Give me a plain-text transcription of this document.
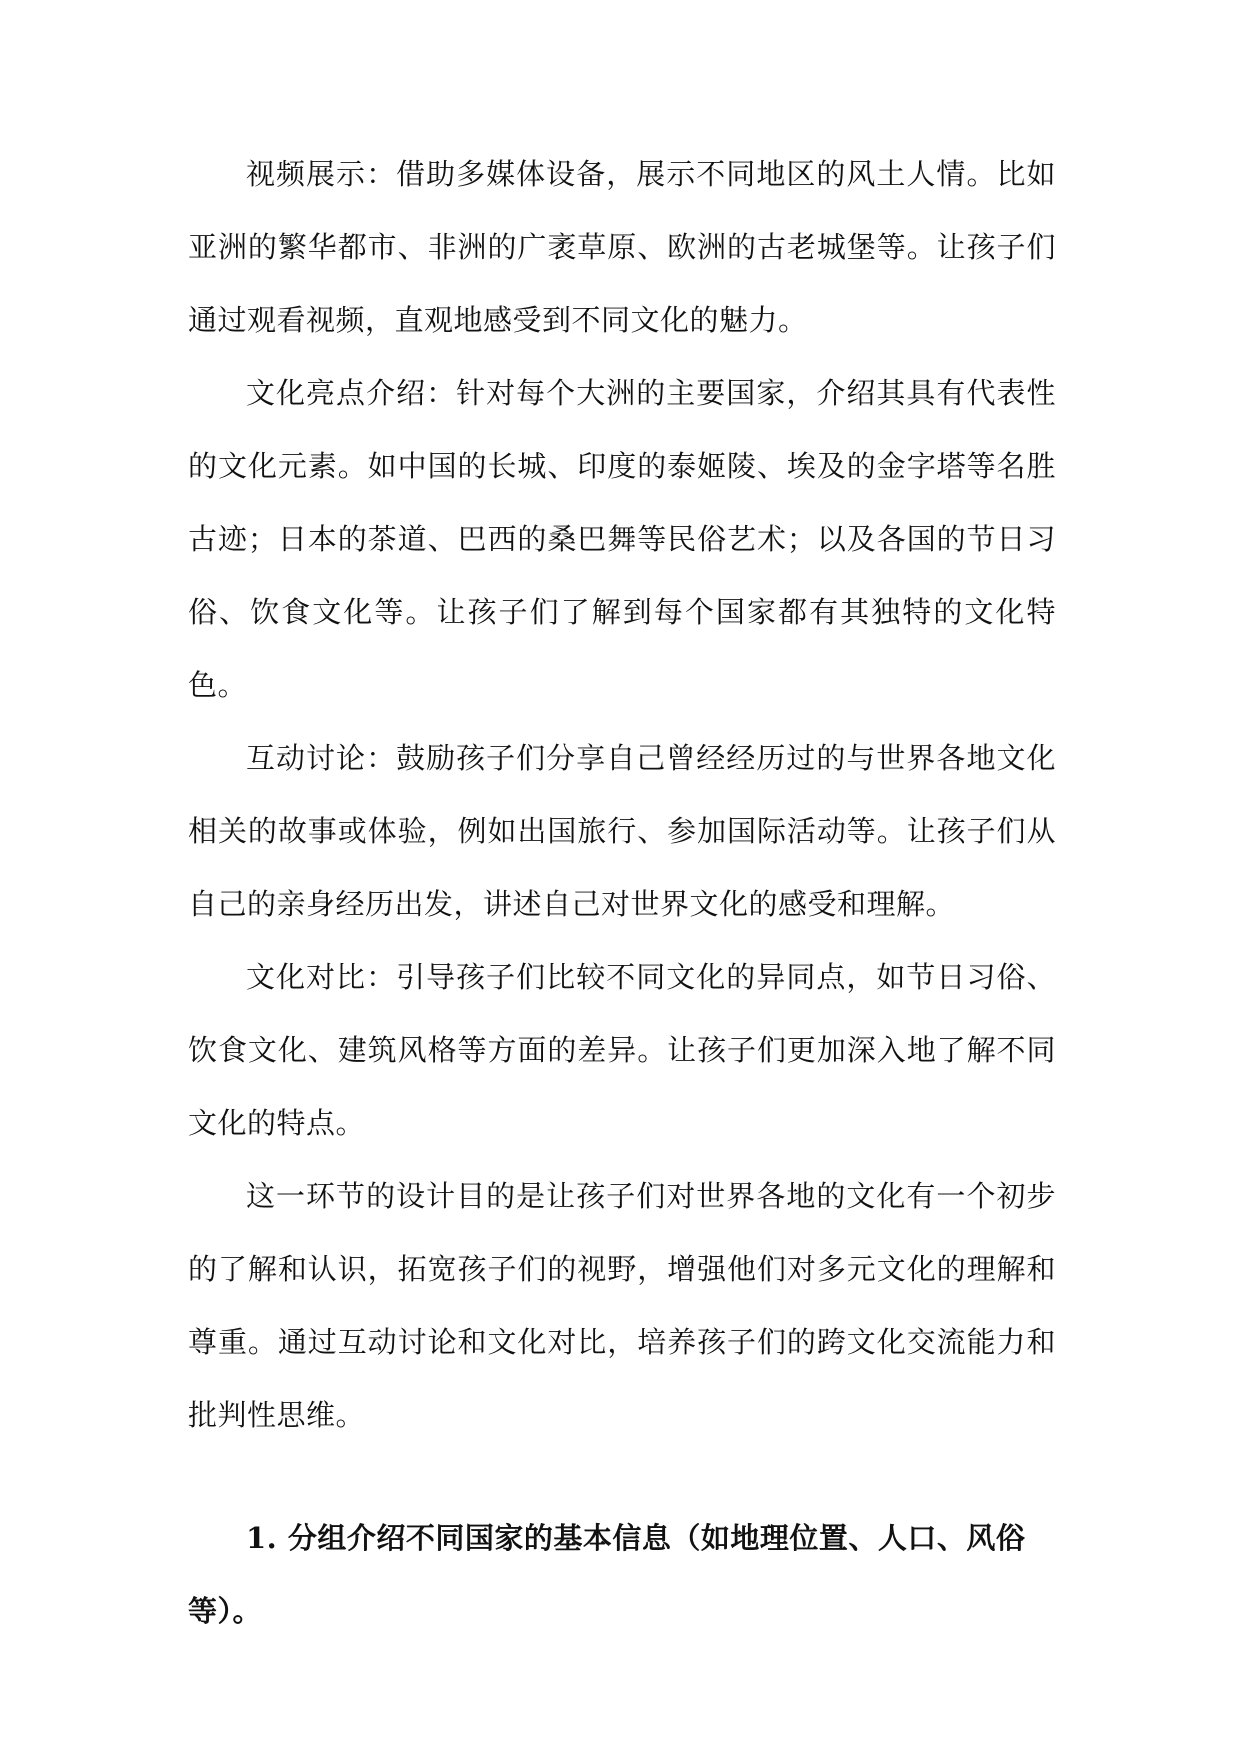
视频展示：借助多媒体设备，展示不同地区的风土人情。比如亚洲的繁华都市、非洲的广袤草原、欧洲的古老城堡等。让孩子们通过观看视频，直观地感受到不同文化的魅力。

文化亮点介绍：针对每个大洲的主要国家，介绍其具有代表性的文化元素。如中国的长城、印度的泰姬陵、埃及的金字塔等名胜古迹；日本的茶道、巴西的桑巴舞等民俗艺术；以及各国的节日习俗、饮食文化等。让孩子们了解到每个国家都有其独特的文化特色。

互动讨论：鼓励孩子们分享自己曾经经历过的与世界各地文化相关的故事或体验，例如出国旅行、参加国际活动等。让孩子们从自己的亲身经历出发，讲述自己对世界文化的感受和理解。

文化对比：引导孩子们比较不同文化的异同点，如节日习俗、饮食文化、建筑风格等方面的差异。让孩子们更加深入地了解不同文化的特点。

这一环节的设计目的是让孩子们对世界各地的文化有一个初步的了解和认识，拓宽孩子们的视野，增强他们对多元文化的理解和尊重。通过互动讨论和文化对比，培养孩子们的跨文化交流能力和批判性思维。

1. 分组介绍不同国家的基本信息（如地理位置、人口、风俗等）。
